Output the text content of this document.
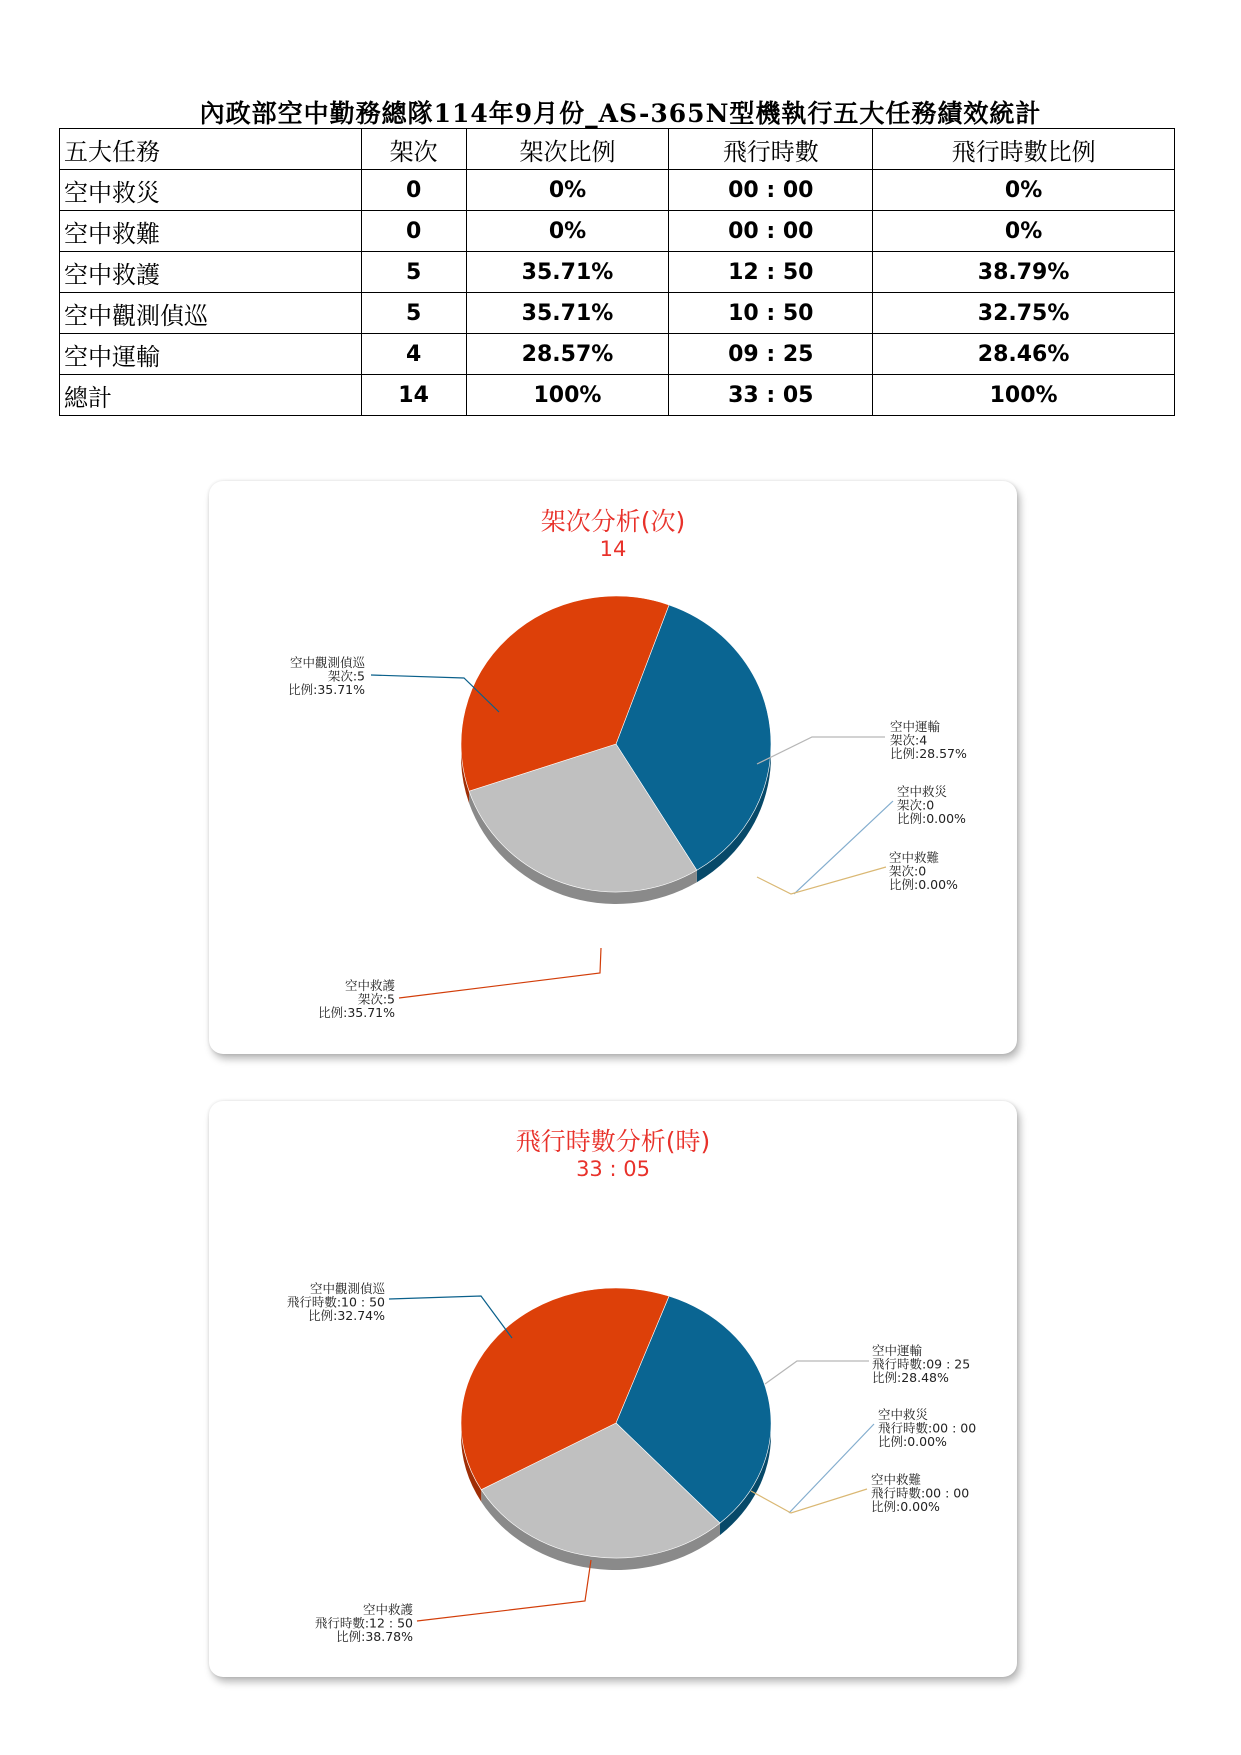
內政部空中勤務總隊114年9月份_AS-365N型機執行五大任務績效統計
五大任務	架次	架次比例	飛行時數	飛行時數比例
空中救災	0	0%	00 : 00	0%
空中救難	0	0%	00 : 00	0%
空中救護	5	35.71%	12 : 50	38.79%
空中觀測偵巡	5	35.71%	10 : 50	32.75%
空中運輸	4	28.57%	09 : 25	28.46%
總計	14	100%	33 : 05	100%
架次分析(次)
14
空中觀測偵巡
架次:5
比例:35.71%
空中運輸
架次:4
比例:28.57%
空中救災
架次:0
比例:0.00%
空中救難
架次:0
比例:0.00%
空中救護
架次:5
比例:35.71%
飛行時數分析(時)
33 : 05
空中觀測偵巡
飛行時數:10 : 50
比例:32.74%
空中運輸
飛行時數:09 : 25
比例:28.48%
空中救災
飛行時數:00 : 00
比例:0.00%
空中救難
飛行時數:00 : 00
比例:0.00%
空中救護
飛行時數:12 : 50
比例:38.78%
